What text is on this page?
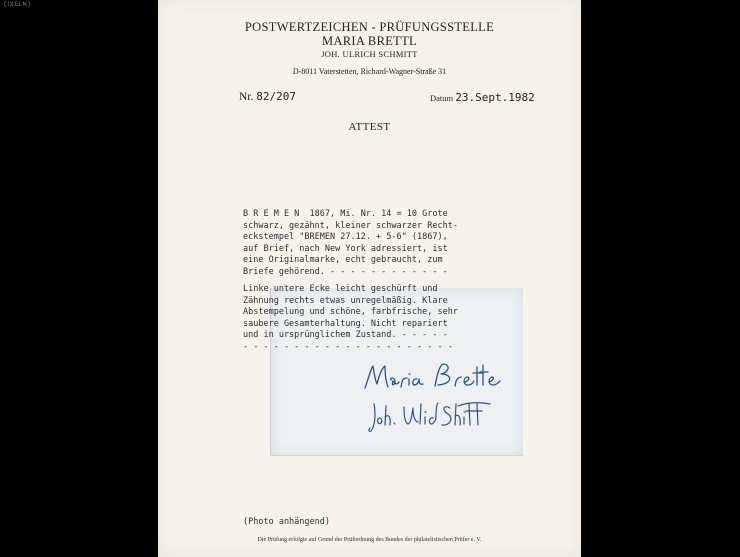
{IXELN}
POSTWERTZEICHEN - PRÜFUNGSSTELLE
MARIA BRETTL
JOH. ULRICH SCHMITT
D-8011 Vaterstetten, Richard-Wagner-Straße 31
Nr. 82/207	Datum 23.Sept.1982
ATTEST
B R E M E N  1867, Mi. Nr. 14 = 10 Grote
schwarz, gezähnt, kleiner schwarzer Recht-
eckstempel "BREMEN 27.12. + 5-6" (1867),
auf Brief, nach New York adressiert, ist
eine Originalmarke, echt gebraucht, zum
Briefe gehörend. - - - - - - - - - - - -
Linke untere Ecke leicht geschürft und
Zähnung rechts etwas unregelmäßig. Klare
Abstempelung und schöne, farbfrische, sehr
saubere Gesamterhaltung. Nicht repariert
und in ursprünglichem Zustand. - - - - -
- - - - - - - - - - - - - - - - - - - - -
(Photo anhängend)
Die Prüfung erfolgte auf Grund der Prüfordnung des Bundes der philatelistischen Prüfer e. V.
